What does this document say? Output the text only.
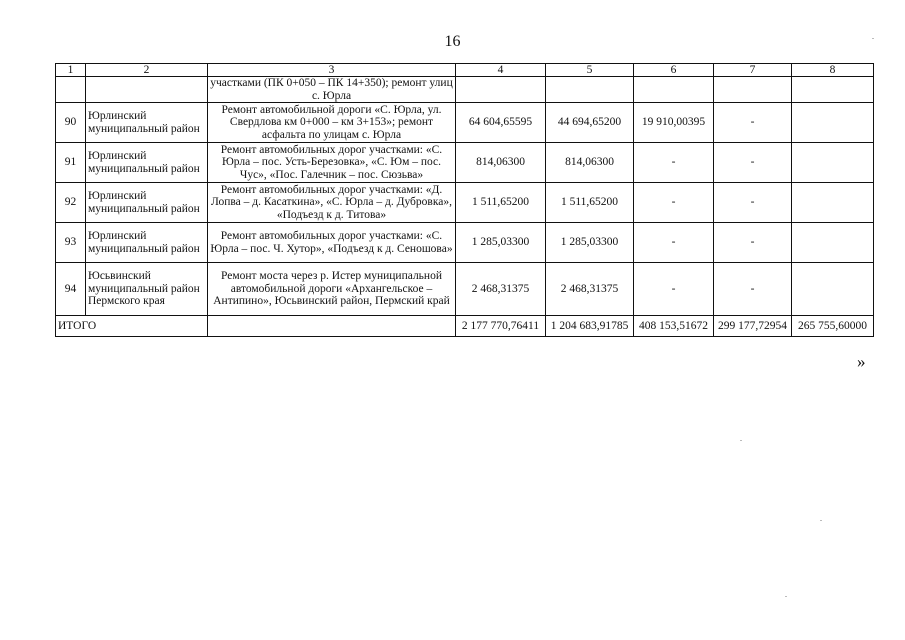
16
1	2	3	4	5	6	7	8
		участками (ПК 0+050 – ПК 14+350); ремонт улиц с. Юрла					
90	Юрлинский муниципальный район	Ремонт автомобильной дороги «С. Юрла, ул. Свердлова км 0+000 – км 3+153»; ремонт асфальта по улицам с. Юрла	64 604,65595	44 694,65200	19 910,00395	-	
91	Юрлинский муниципальный район	Ремонт автомобильных дорог участками: «С. Юрла – пос. Усть-Березовка», «С. Юм – пос. Чус», «Пос. Галечник – пос. Сюзьва»	814,06300	814,06300	-	-	
92	Юрлинский муниципальный район	Ремонт автомобильных дорог участками: «Д. Лопва – д. Касаткина», «С. Юрла – д. Дубровка», «Подъезд к д. Титова»	1 511,65200	1 511,65200	-	-	
93	Юрлинский муниципальный район	Ремонт автомобильных дорог участками: «С. Юрла – пос. Ч. Хутор», «Подъезд к д. Сеношова»	1 285,03300	1 285,03300	-	-	
94	Юсьвинский муниципальный район Пермского края	Ремонт моста через р. Истер муниципальной автомобильной дороги «Архангельское – Антипино», Юсьвинский район, Пермский край	2 468,31375	2 468,31375	-	-	
ИТОГО			2 177 770,76411	1 204 683,91785	408 153,51672	299 177,72954	265 755,60000
»
